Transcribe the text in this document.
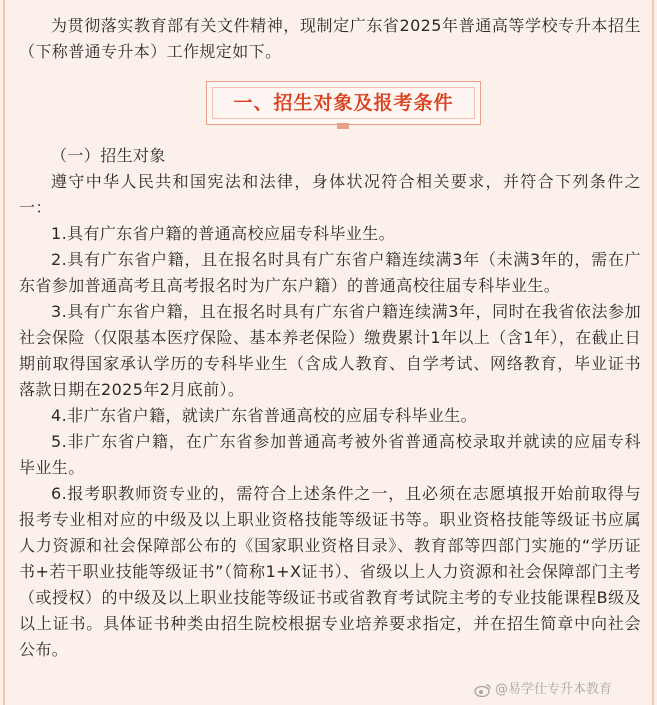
为贯彻落实教育部有关文件精神，现制定广东省2025年普通高等学校专升本招生（下称普通专升本）工作规定如下。

一、招生对象及报考条件

（一）招生对象

遵守中华人民共和国宪法和法律，身体状况符合相关要求，并符合下列条件之一：

1.具有广东省户籍的普通高校应届专科毕业生。

2.具有广东省户籍，且在报名时具有广东省户籍连续满3年（未满3年的，需在广东省参加普通高考且高考报名时为广东户籍）的普通高校往届专科毕业生。

3.具有广东省户籍，且在报名时具有广东省户籍连续满3年，同时在我省依法参加社会保险（仅限基本医疗保险、基本养老保险）缴费累计1年以上（含1年），在截止日期前取得国家承认学历的专科毕业生（含成人教育、自学考试、网络教育，毕业证书落款日期在2025年2月底前）。

4.非广东省户籍，就读广东省普通高校的应届专科毕业生。

5.非广东省户籍，在广东省参加普通高考被外省普通高校录取并就读的应届专科毕业生。

6.报考职教师资专业的，需符合上述条件之一，且必须在志愿填报开始前取得与报考专业相对应的中级及以上职业资格技能等级证书等。职业资格技能等级证书应属人力资源和社会保障部公布的《国家职业资格目录》、教育部等四部门实施的“学历证书+若干职业技能等级证书”（简称1+X证书）、省级以上人力资源和社会保障部门主考（或授权）的中级及以上职业技能等级证书或省教育考试院主考的专业技能课程B级及以上证书。具体证书种类由招生院校根据专业培养要求指定，并在招生简章中向社会公布。

@易学仕专升本教育
